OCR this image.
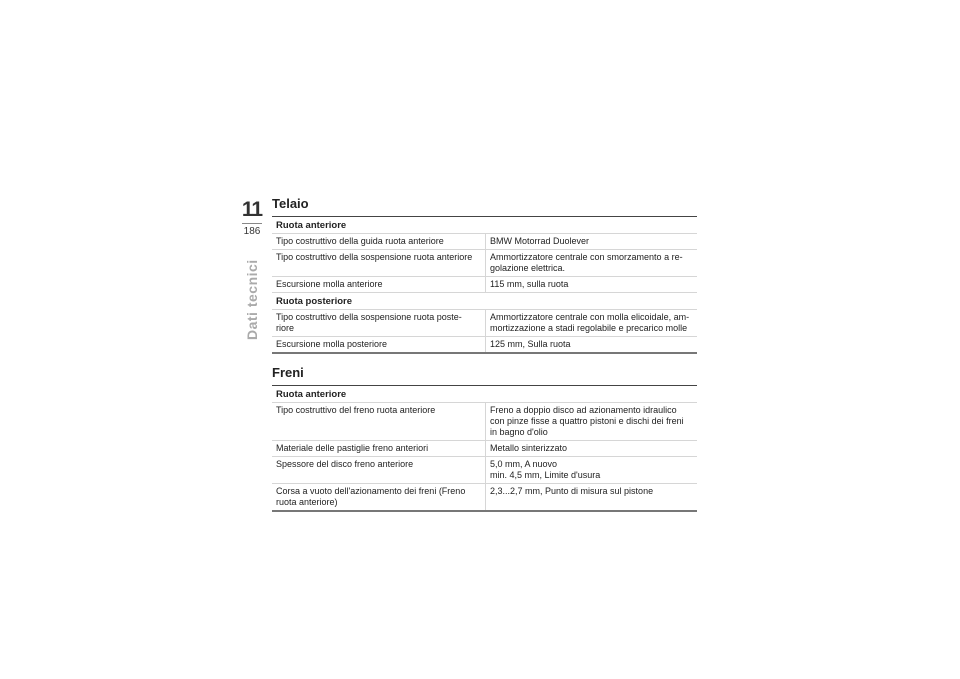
11
186
Dati tecnici
Telaio
Ruota anteriore	
Tipo costruttivo della guida ruota anteriore	BMW Motorrad Duolever
Tipo costruttivo della sospensione ruota anteriore	Ammortizzatore centrale con smorzamento a re-
golazione elettrica.
Escursione molla anteriore	115 mm, sulla ruota
Ruota posteriore	
Tipo costruttivo della sospensione ruota poste-
riore	Ammortizzatore centrale con molla elicoidale, am-
mortizzazione a stadi regolabile e precarico molle
Escursione molla posteriore	125 mm, Sulla ruota
Freni
Ruota anteriore	
Tipo costruttivo del freno ruota anteriore	Freno a doppio disco ad azionamento idraulico
con pinze fisse a quattro pistoni e dischi dei freni
in bagno d'olio
Materiale delle pastiglie freno anteriori	Metallo sinterizzato
Spessore del disco freno anteriore	5,0 mm, A nuovo
min. 4,5 mm, Limite d'usura
Corsa a vuoto dell'azionamento dei freni (Freno
ruota anteriore)	2,3...2,7 mm, Punto di misura sul pistone
